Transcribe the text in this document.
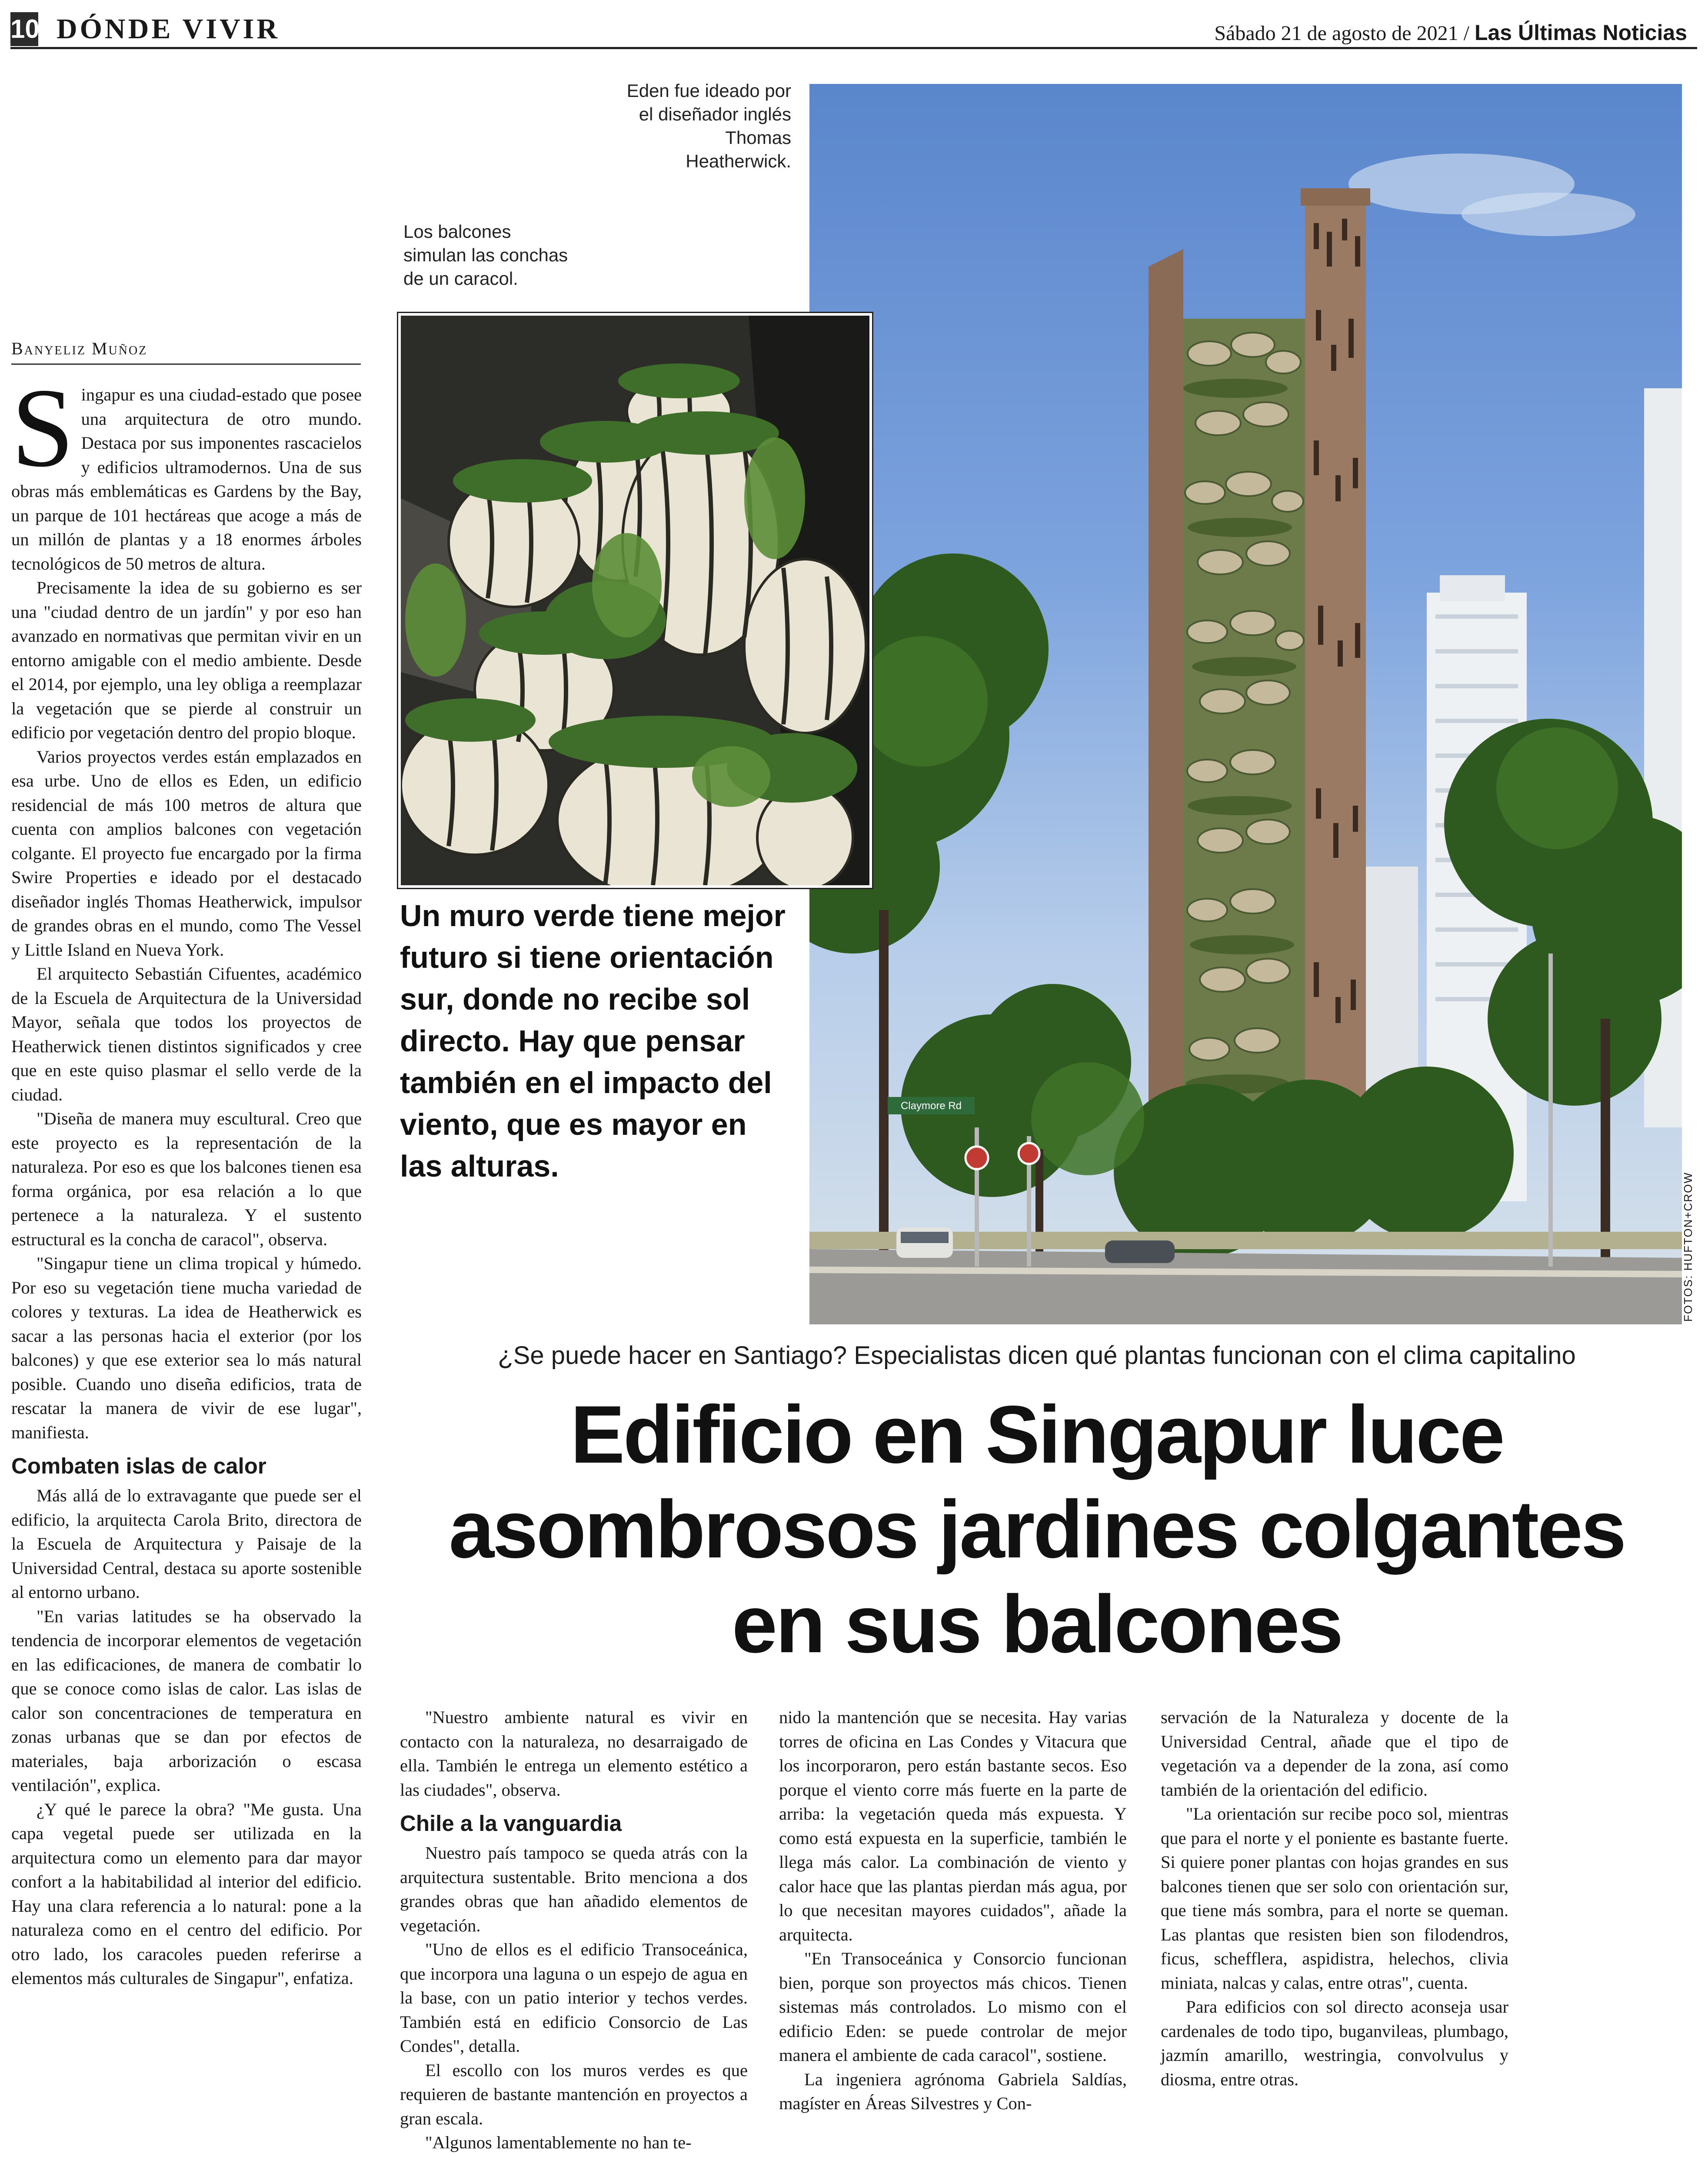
10 DÓNDE VIVIR	Sábado 21 de agosto de 2021 / Las Últimas Noticias
Banyeliz Muñoz

Singapur es una ciudad-estado que posee una arquitectura de otro mundo. Destaca por sus imponentes rascacielos y edificios ultramodernos. Una de sus obras más emblemáticas es Gardens by the Bay, un parque de 101 hectáreas que acoge a más de un millón de plantas y a 18 enormes árboles tecnológicos de 50 metros de altura.

Precisamente la idea de su gobierno es ser una "ciudad dentro de un jardín" y por eso han avanzado en normativas que permitan vivir en un entorno amigable con el medio ambiente. Desde el 2014, por ejemplo, una ley obliga a reemplazar la vegetación que se pierde al construir un edificio por vegetación dentro del propio bloque.

Varios proyectos verdes están emplazados en esa urbe. Uno de ellos es Eden, un edificio residencial de más 100 metros de altura que cuenta con amplios balcones con vegetación colgante. El proyecto fue encargado por la firma Swire Properties e ideado por el destacado diseñador inglés Thomas Heatherwick, impulsor de grandes obras en el mundo, como The Vessel y Little Island en Nueva York.

El arquitecto Sebastián Cifuentes, académico de la Escuela de Arquitectura de la Universidad Mayor, señala que todos los proyectos de Heatherwick tienen distintos significados y cree que en este quiso plasmar el sello verde de la ciudad.

"Diseña de manera muy escultural. Creo que este proyecto es la representación de la naturaleza. Por eso es que los balcones tienen esa forma orgánica, por esa relación a lo que pertenece a la naturaleza. Y el sustento estructural es la concha de caracol", observa.

"Singapur tiene un clima tropical y húmedo. Por eso su vegetación tiene mucha variedad de colores y texturas. La idea de Heatherwick es sacar a las personas hacia el exterior (por los balcones) y que ese exterior sea lo más natural posible. Cuando uno diseña edificios, trata de rescatar la manera de vivir de ese lugar", manifiesta.

Combaten islas de calor

Más allá de lo extravagante que puede ser el edificio, la arquitecta Carola Brito, directora de la Escuela de Arquitectura y Paisaje de la Universidad Central, destaca su aporte sostenible al entorno urbano.

"En varias latitudes se ha observado la tendencia de incorporar elementos de vegetación en las edificaciones, de manera de combatir lo que se conoce como islas de calor. Las islas de calor son concentraciones de temperatura en zonas urbanas que se dan por efectos de materiales, baja arborización o escasa ventilación", explica.

¿Y qué le parece la obra? "Me gusta. Una capa vegetal puede ser utilizada en la arquitectura como un elemento para dar mayor confort a la habitabilidad al interior del edificio. Hay una clara referencia a lo natural: pone a la naturaleza como en el centro del edificio. Por otro lado, los caracoles pueden referirse a elementos más culturales de Singapur", enfatiza.

Claymore Rd
Eden fue ideado por el diseñador inglés Thomas Heatherwick.
FOTOS: HUFTON+CROW
Los balcones simulan las conchas de un caracol.
Un muro verde tiene mejor futuro si tiene orientación sur, donde no recibe sol directo. Hay que pensar también en el impacto del viento, que es mayor en las alturas.
¿Se puede hacer en Santiago? Especialistas dicen qué plantas funcionan con el clima capitalino
Edificio en Singapur luce asombrosos jardines colgantes en sus balcones

"Nuestro ambiente natural es vivir en contacto con la naturaleza, no desarraigado de ella. También le entrega un elemento estético a las ciudades", observa.

Chile a la vanguardia

Nuestro país tampoco se queda atrás con la arquitectura sustentable. Brito menciona a dos grandes obras que han añadido elementos de vegetación.

"Uno de ellos es el edificio Transoceánica, que incorpora una laguna o un espejo de agua en la base, con un patio interior y techos verdes. También está en edificio Consorcio de Las Condes", detalla.

El escollo con los muros verdes es que requieren de bastante mantención en proyectos a gran escala.

"Algunos lamentablemente no han te-

nido la mantención que se necesita. Hay varias torres de oficina en Las Condes y Vitacura que los incorporaron, pero están bastante secos. Eso porque el viento corre más fuerte en la parte de arriba: la vegetación queda más expuesta. Y como está expuesta en la superficie, también le llega más calor. La combinación de viento y calor hace que las plantas pierdan más agua, por lo que necesitan mayores cuidados", añade la arquitecta.

"En Transoceánica y Consorcio funcionan bien, porque son proyectos más chicos. Tienen sistemas más controlados. Lo mismo con el edificio Eden: se puede controlar de mejor manera el ambiente de cada caracol", sostiene.

La ingeniera agrónoma Gabriela Saldías, magíster en Áreas Silvestres y Con-

servación de la Naturaleza y docente de la Universidad Central, añade que el tipo de vegetación va a depender de la zona, así como también de la orientación del edificio.

"La orientación sur recibe poco sol, mientras que para el norte y el poniente es bastante fuerte. Si quiere poner plantas con hojas grandes en sus balcones tienen que ser solo con orientación sur, que tiene más sombra, para el norte se queman. Las plantas que resisten bien son filodendros, ficus, schefflera, aspidistra, helechos, clivia miniata, nalcas y calas, entre otras", cuenta.

Para edificios con sol directo aconseja usar cardenales de todo tipo, buganvileas, plumbago, jazmín amarillo, westringia, convolvulus y diosma, entre otras.
